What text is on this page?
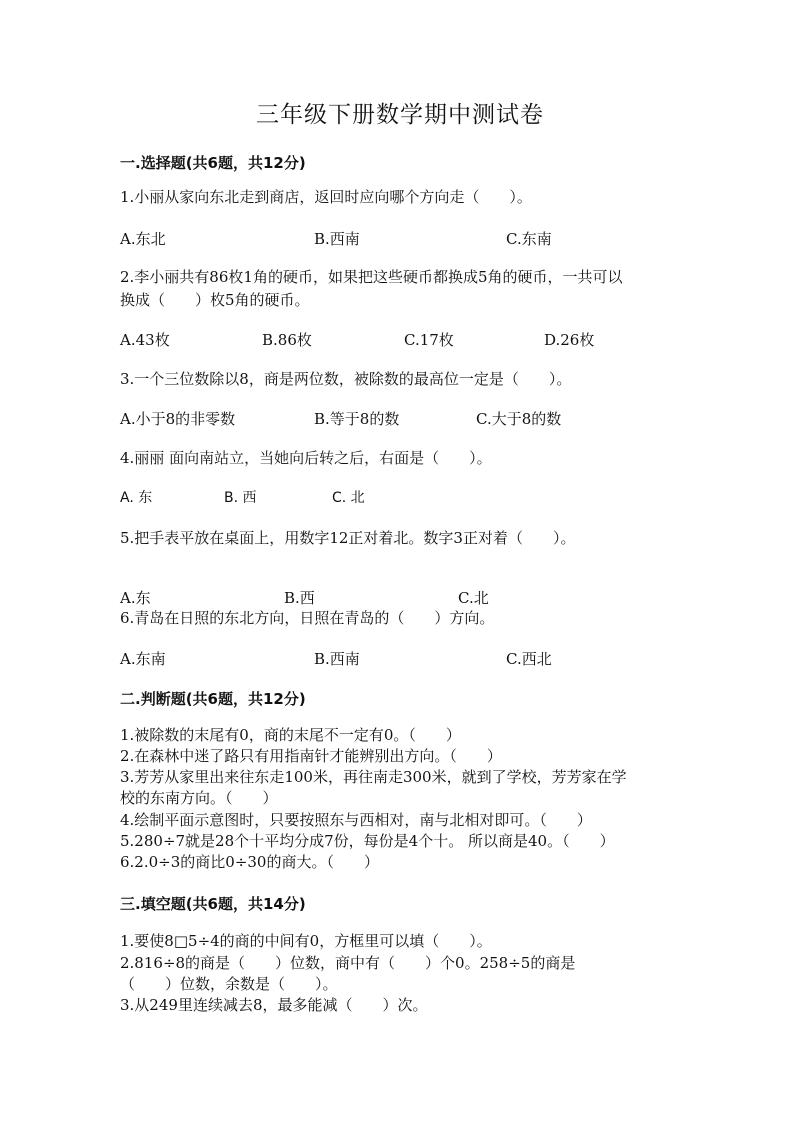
三年级下册数学期中测试卷
一.选择题(共6题，共12分)
1.小丽从家向东北走到商店，返回时应向哪个方向走（　　）。
A.东北	B.西南	C.东南
2.李小丽共有86枚1角的硬币，如果把这些硬币都换成5角的硬币，一共可以
换成（　　）枚5角的硬币。
A.43枚	B.86枚	C.17枚	D.26枚
3.一个三位数除以8，商是两位数，被除数的最高位一定是（　　）。
A.小于8的非零数	B.等于8的数	C.大于8的数
4.丽丽 面向南站立，当她向后转之后，右面是（　　）。
A. 东	B. 西	C. 北
5.把手表平放在桌面上，用数字12正对着北。数字3正对着（　　）。
A.东	B.西	C.北
6.青岛在日照的东北方向，日照在青岛的（　　）方向。
A.东南	B.西南	C.西北
二.判断题(共6题，共12分)
1.被除数的末尾有0，商的末尾不一定有0。（　　）
2.在森林中迷了路只有用指南针才能辨别出方向。（　　）
3.芳芳从家里出来往东走100米，再往南走300米，就到了学校，芳芳家在学
校的东南方向。（　　）
4.绘制平面示意图时，只要按照东与西相对，南与北相对即可。（　　）
5.280÷7就是28个十平均分成7份，每份是4个十。 所以商是40。（　　）
6.2.0÷3的商比0÷30的商大。（　　）
三.填空题(共6题，共14分)
1.要使8□5÷4的商的中间有0，方框里可以填（　　）。
2.816÷8的商是（　　）位数，商中有（　　）个0。258÷5的商是
（　　）位数，余数是（　　）。
3.从249里连续减去8，最多能减（　　）次。
